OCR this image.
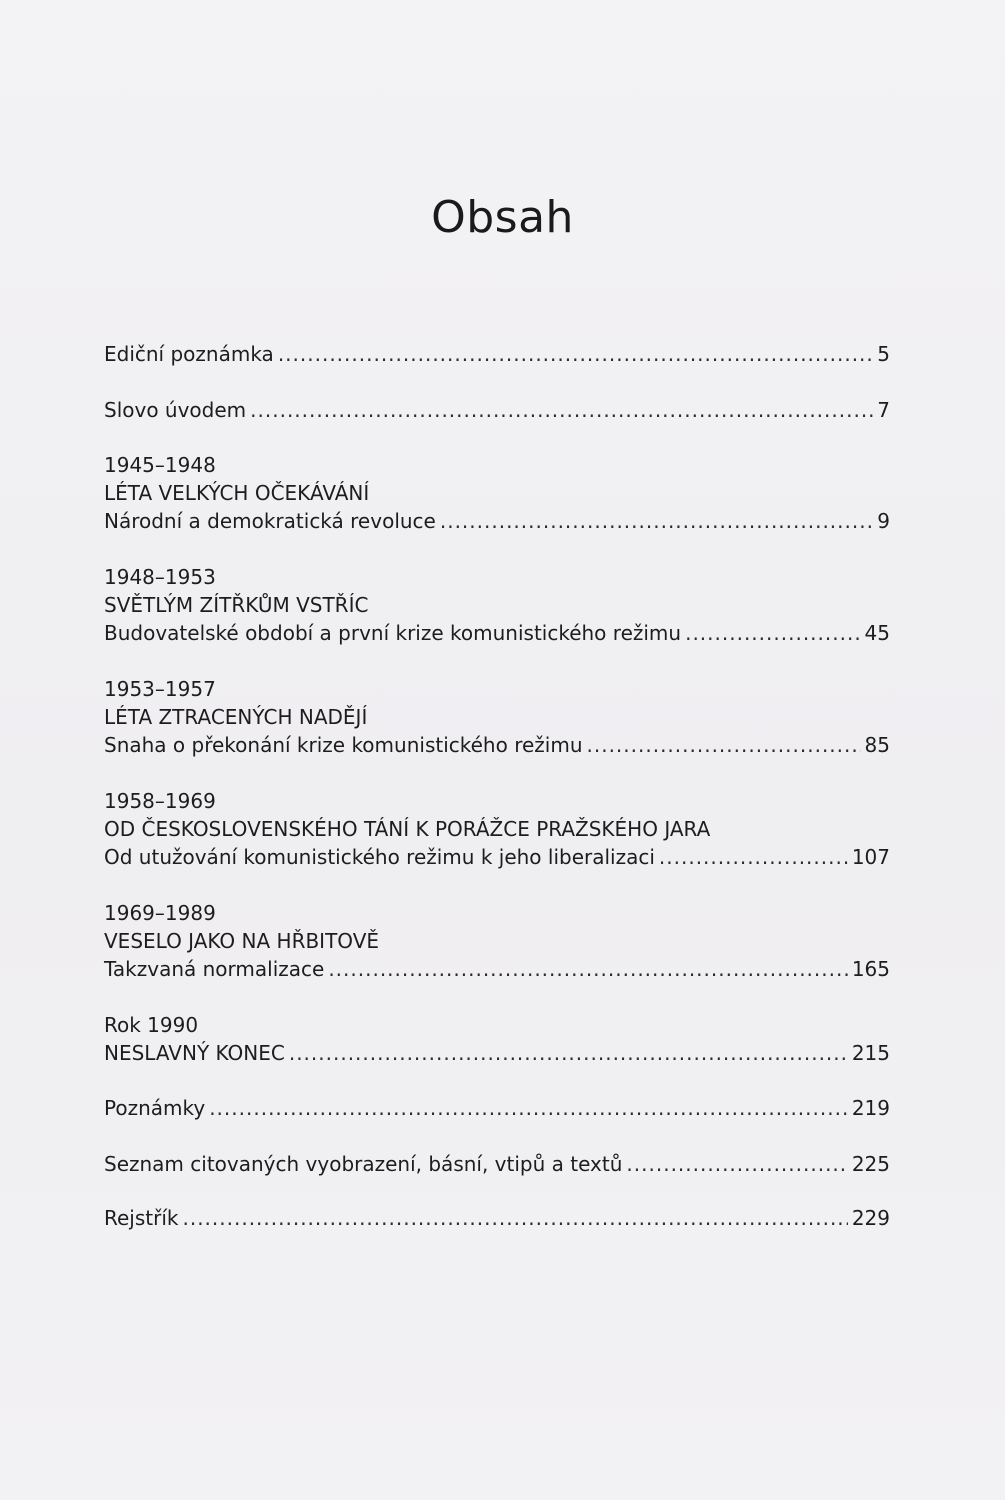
Obsah
Ediční poznámka .....	5
Slovo úvodem .....	7
1945–1948
LÉTA VELKÝCH OČEKÁVÁNÍ
Národní a demokratická revoluce .....	9
1948–1953
SVĚTLÝM ZÍTŘKŮM VSTŘÍC
Budovatelské období a první krize komunistického režimu .....	45
1953–1957
LÉTA ZTRACENÝCH NADĚJÍ
Snaha o překonání krize komunistického režimu .....	85
1958–1969
OD ČESKOSLOVENSKÉHO TÁNÍ K PORÁŽCE PRAŽSKÉHO JARA
Od utužování komunistického režimu k jeho liberalizaci .....	107
1969–1989
VESELO JAKO NA HŘBITOVĚ
Takzvaná normalizace .....	165
Rok 1990
NESLAVNÝ KONEC .....	215
Poznámky .....	219
Seznam citovaných vyobrazení, básní, vtipů a textů .....	225
Rejstřík .....	229
